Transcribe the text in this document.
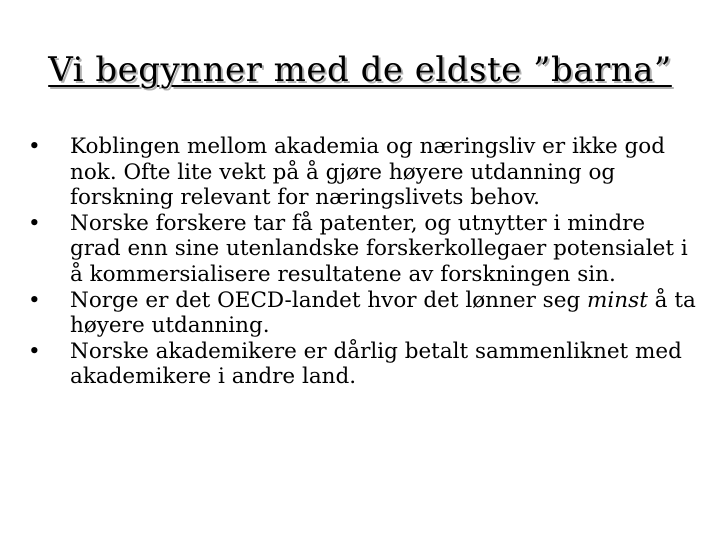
Vi begynner med de eldste ”barna”
•	Koblingen mellom akademia og næringsliv er ikke god nok. Ofte lite vekt på å gjøre høyere utdanning og forskning relevant for næringslivets behov.
•	Norske forskere tar få patenter, og utnytter i mindre grad enn sine utenlandske forskerkollegaer potensialet i å kommersialisere resultatene av forskningen sin.
•	Norge er det OECD-landet hvor det lønner seg minst å ta høyere utdanning.
•	Norske akademikere er dårlig betalt sammenliknet med akademikere i andre land.
